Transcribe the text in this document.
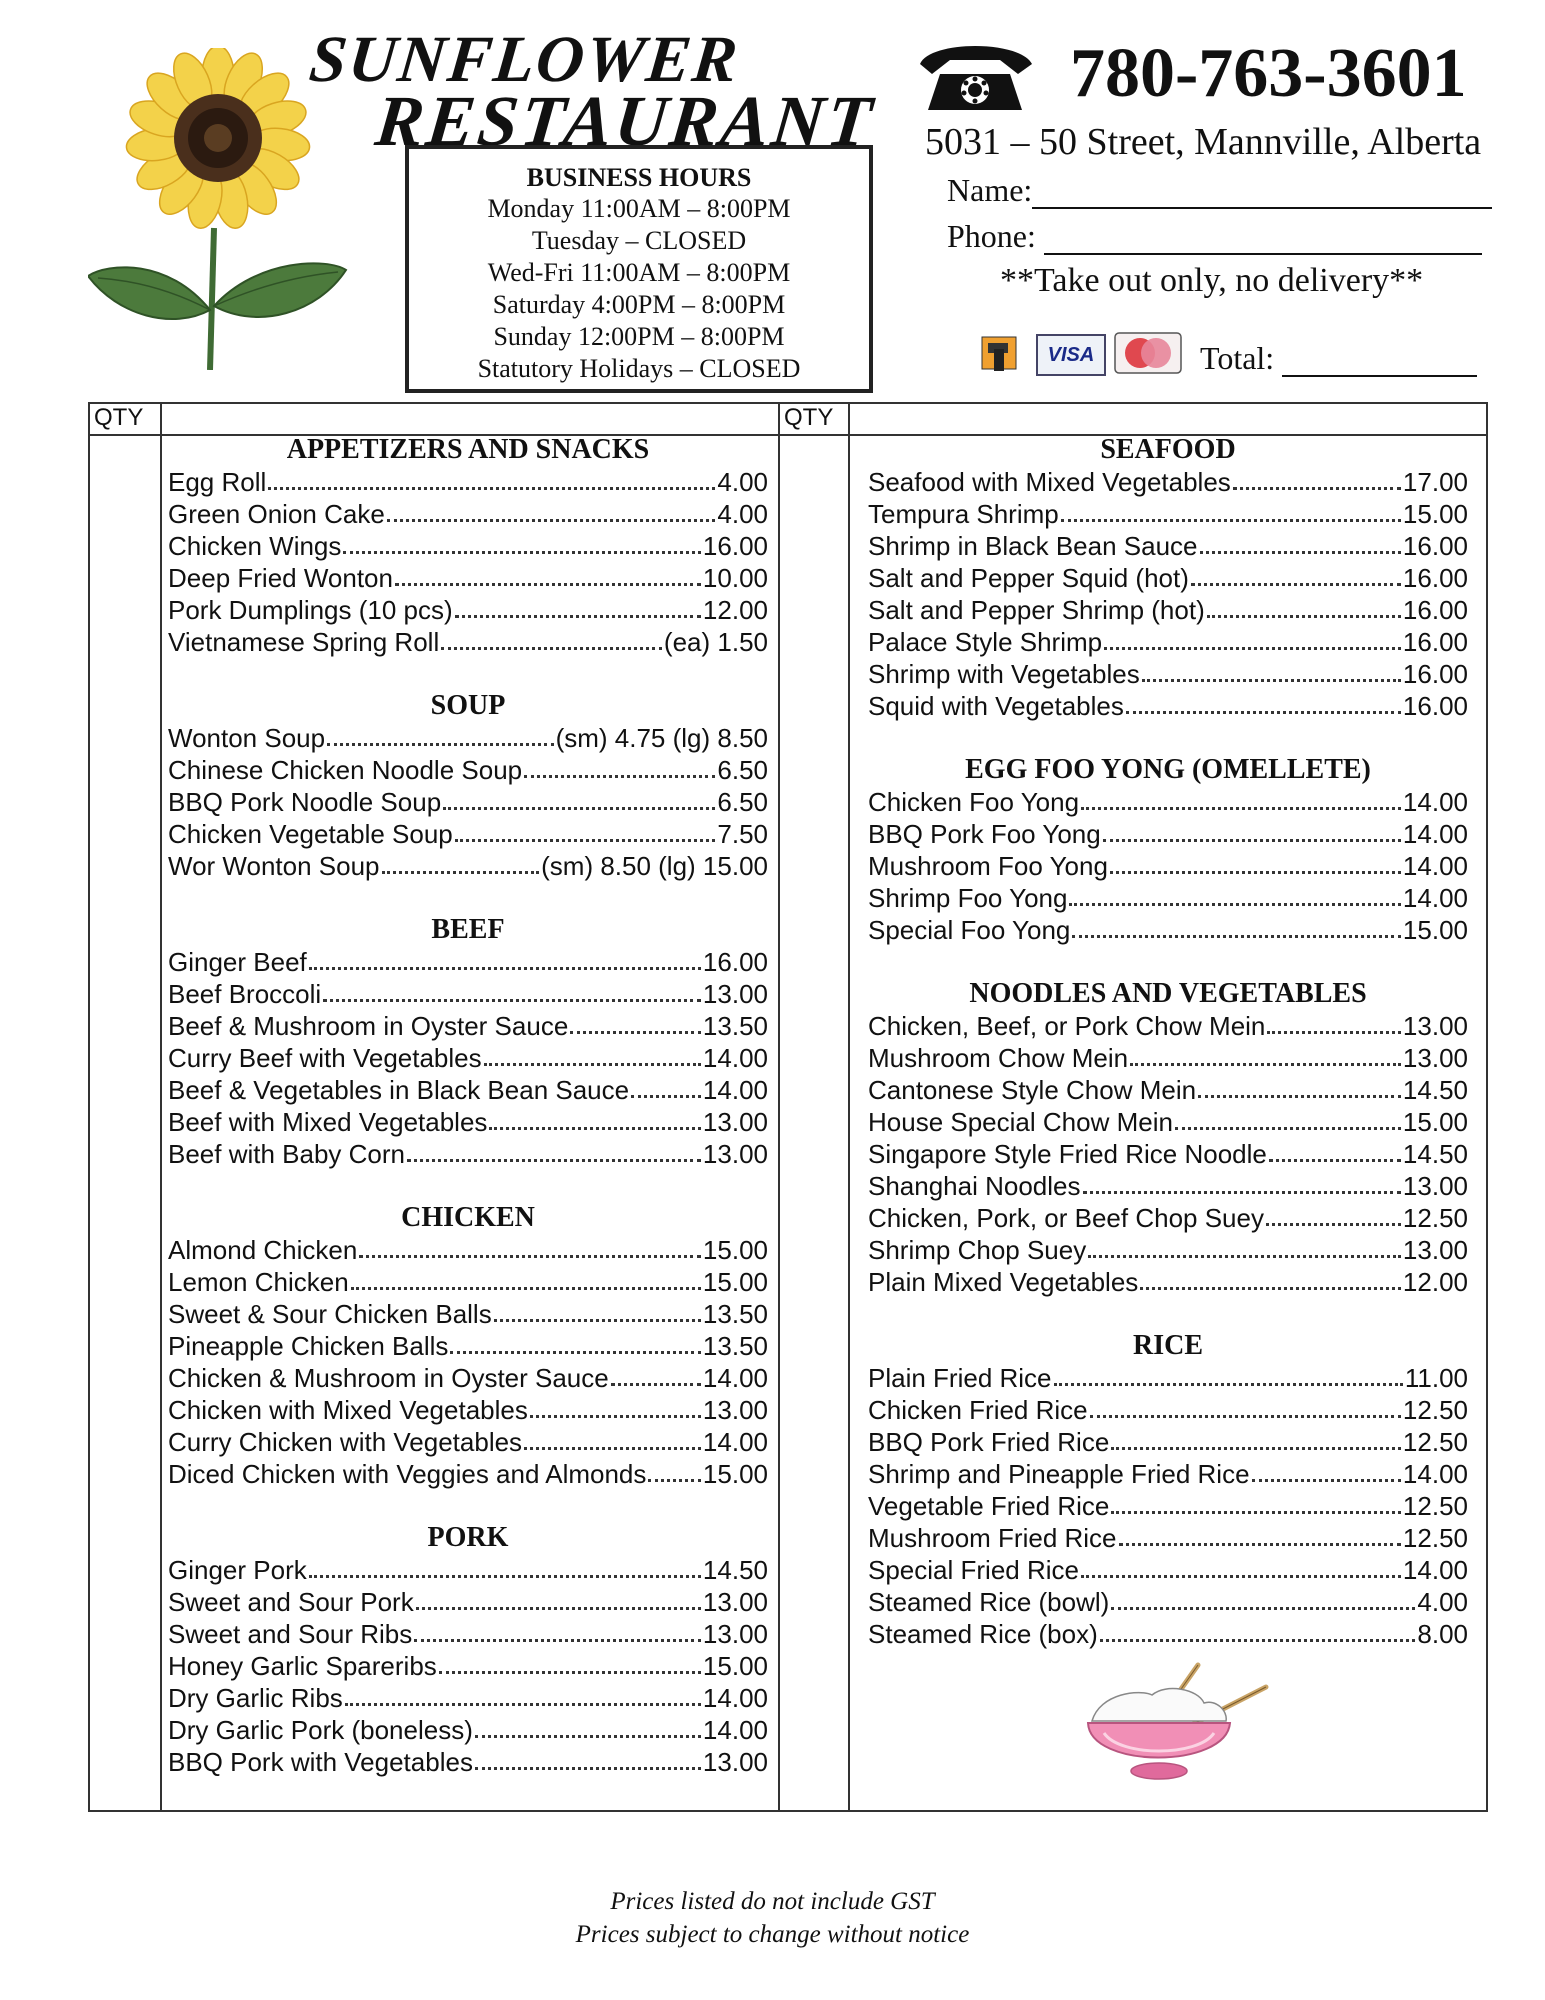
SUNFLOWER
RESTAURANT
BUSINESS HOURS
Monday 11:00AM – 8:00PM
Tuesday – CLOSED
Wed-Fri 11:00AM – 8:00PM
Saturday 4:00PM – 8:00PM
Sunday 12:00PM – 8:00PM
Statutory Holidays – CLOSED
780-763-3601
5031 – 50 Street, Mannville, Alberta
Name:
Phone:
**Take out only, no delivery**
VISA	Total:
QTY	QTY
APPETIZERS AND SNACKS
Egg Roll	4.00
Green Onion Cake	4.00
Chicken Wings	16.00
Deep Fried Wonton	10.00
Pork Dumplings (10 pcs)	12.00
Vietnamese Spring Roll	(ea) 1.50
SOUP
Wonton Soup	(sm) 4.75 (lg) 8.50
Chinese Chicken Noodle Soup	6.50
BBQ Pork Noodle Soup	6.50
Chicken Vegetable Soup	7.50
Wor Wonton Soup	(sm) 8.50 (lg) 15.00
BEEF
Ginger Beef	16.00
Beef Broccoli	13.00
Beef & Mushroom in Oyster Sauce	13.50
Curry Beef with Vegetables	14.00
Beef & Vegetables in Black Bean Sauce	14.00
Beef with Mixed Vegetables	13.00
Beef with Baby Corn	13.00
CHICKEN
Almond Chicken	15.00
Lemon Chicken	15.00
Sweet & Sour Chicken Balls	13.50
Pineapple Chicken Balls	13.50
Chicken & Mushroom in Oyster Sauce	14.00
Chicken with Mixed Vegetables	13.00
Curry Chicken with Vegetables	14.00
Diced Chicken with Veggies and Almonds 15.00
PORK
Ginger Pork	14.50
Sweet and Sour Pork	13.00
Sweet and Sour Ribs	13.00
Honey Garlic Spareribs	15.00
Dry Garlic Ribs	14.00
Dry Garlic Pork (boneless)	14.00
BBQ Pork with Vegetables	13.00
SEAFOOD
Seafood with Mixed Vegetables	17.00
Tempura Shrimp	15.00
Shrimp in Black Bean Sauce	16.00
Salt and Pepper Squid (hot)	16.00
Salt and Pepper Shrimp (hot)	16.00
Palace Style Shrimp	16.00
Shrimp with Vegetables	16.00
Squid with Vegetables	16.00
EGG FOO YONG (OMELLETE)
Chicken Foo Yong	14.00
BBQ Pork Foo Yong	14.00
Mushroom Foo Yong	14.00
Shrimp Foo Yong	14.00
Special Foo Yong	15.00
NOODLES AND VEGETABLES
Chicken, Beef, or Pork Chow Mein	13.00
Mushroom Chow Mein	13.00
Cantonese Style Chow Mein	14.50
House Special Chow Mein	15.00
Singapore Style Fried Rice Noodle	14.50
Shanghai Noodles	13.00
Chicken, Pork, or Beef Chop Suey	12.50
Shrimp Chop Suey	13.00
Plain Mixed Vegetables	12.00
RICE
Plain Fried Rice	11.00
Chicken Fried Rice	12.50
BBQ Pork Fried Rice	12.50
Shrimp and Pineapple Fried Rice	14.00
Vegetable Fried Rice	12.50
Mushroom Fried Rice	12.50
Special Fried Rice	14.00
Steamed Rice (bowl)	4.00
Steamed Rice (box)	8.00
Prices listed do not include GST
Prices subject to change without notice
